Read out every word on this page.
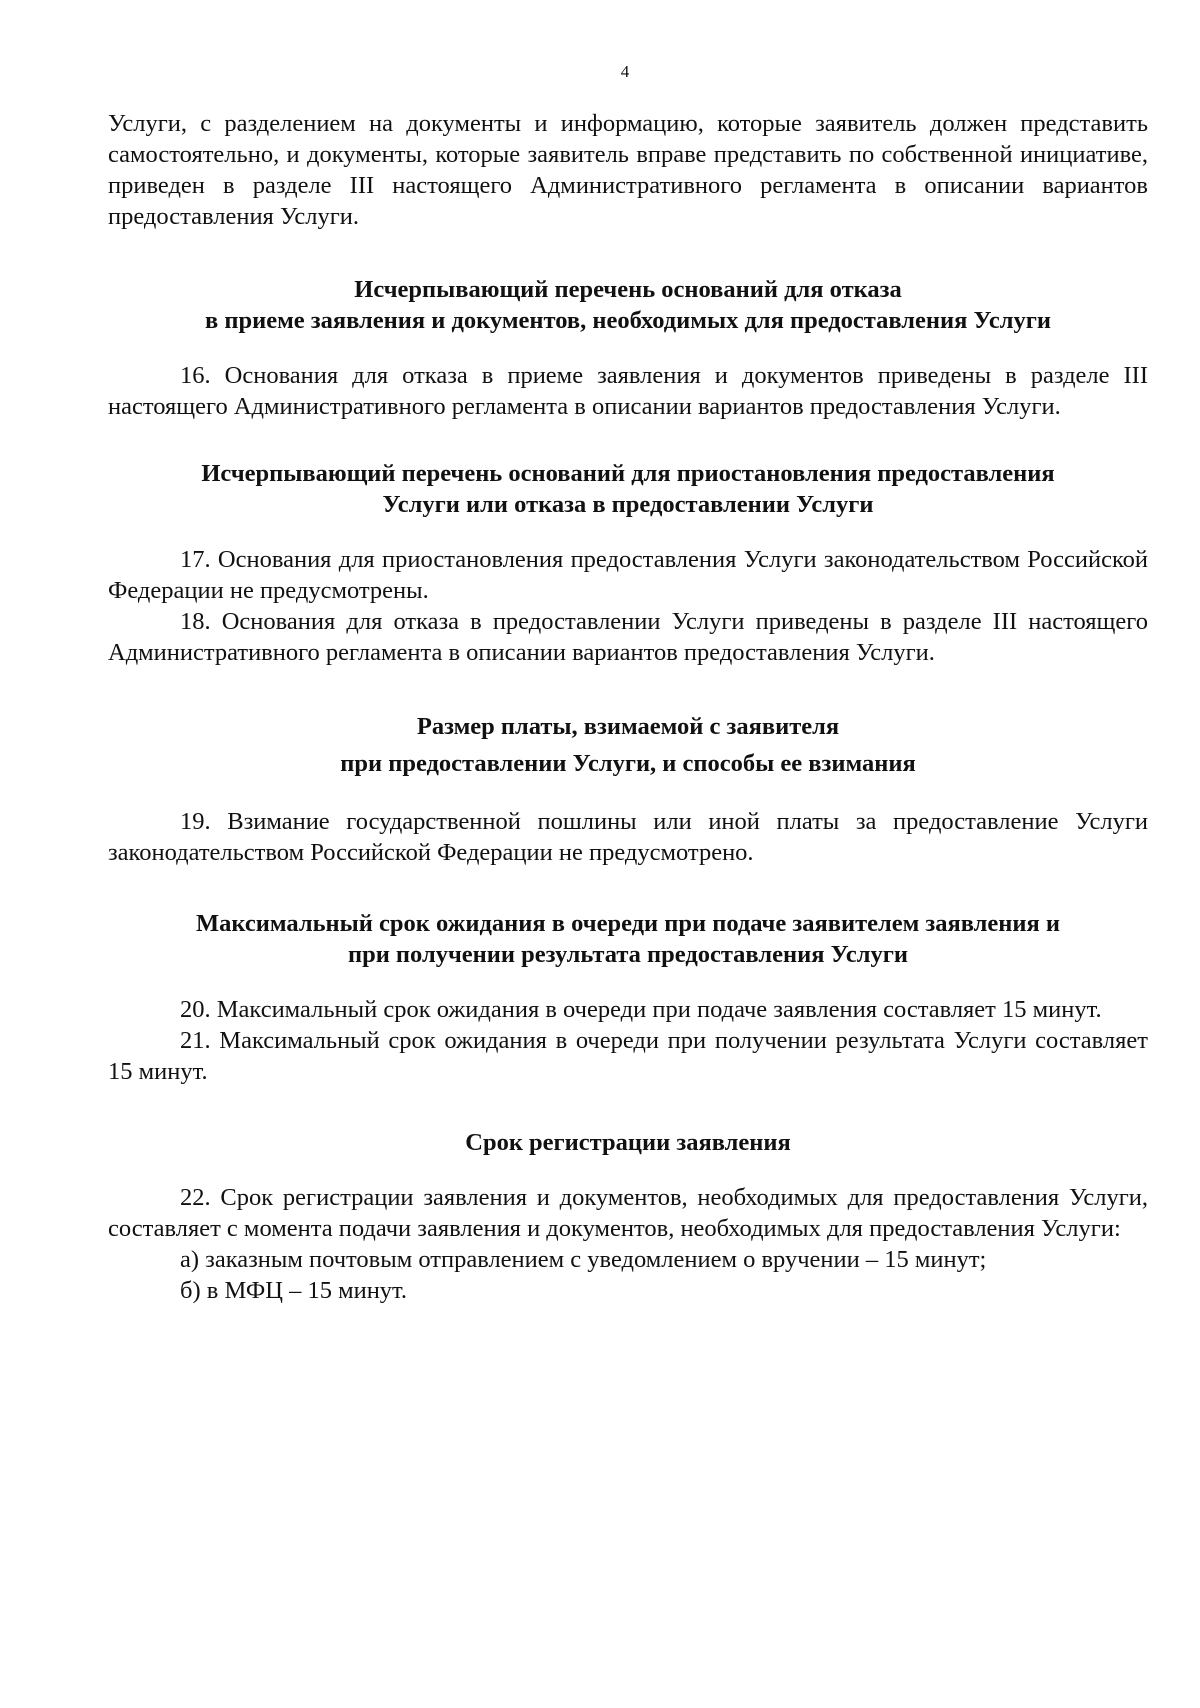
4

Услуги, с разделением на документы и информацию, которые заявитель должен представить самостоятельно, и документы, которые заявитель вправе представить по собственной инициативе, приведен в разделе III настоящего Административного регламента в описании вариантов предоставления Услуги.

Исчерпывающий перечень оснований для отказа
в приеме заявления и документов, необходимых для предоставления Услуги

16. Основания для отказа в приеме заявления и документов приведены в разделе III настоящего Административного регламента в описании вариантов предоставления Услуги.

Исчерпывающий перечень оснований для приостановления предоставления
Услуги или отказа в предоставлении Услуги

17. Основания для приостановления предоставления Услуги законодательством Российской Федерации не предусмотрены.

18. Основания для отказа в предоставлении Услуги приведены в разделе III настоящего Административного регламента в описании вариантов предоставления Услуги.

Размер платы, взимаемой с заявителя
при предоставлении Услуги, и способы ее взимания

19. Взимание государственной пошлины или иной платы за предоставление Услуги законодательством Российской Федерации не предусмотрено.

Максимальный срок ожидания в очереди при подаче заявителем заявления и
при получении результата предоставления Услуги

20. Максимальный срок ожидания в очереди при подаче заявления составляет 15 минут.

21. Максимальный срок ожидания в очереди при получении результата Услуги составляет 15 минут.

Срок регистрации заявления

22. Срок регистрации заявления и документов, необходимых для предоставления Услуги, составляет с момента подачи заявления и документов, необходимых для предоставления Услуги:

а) заказным почтовым отправлением с уведомлением о вручении – 15 минут;

б) в МФЦ – 15 минут.
